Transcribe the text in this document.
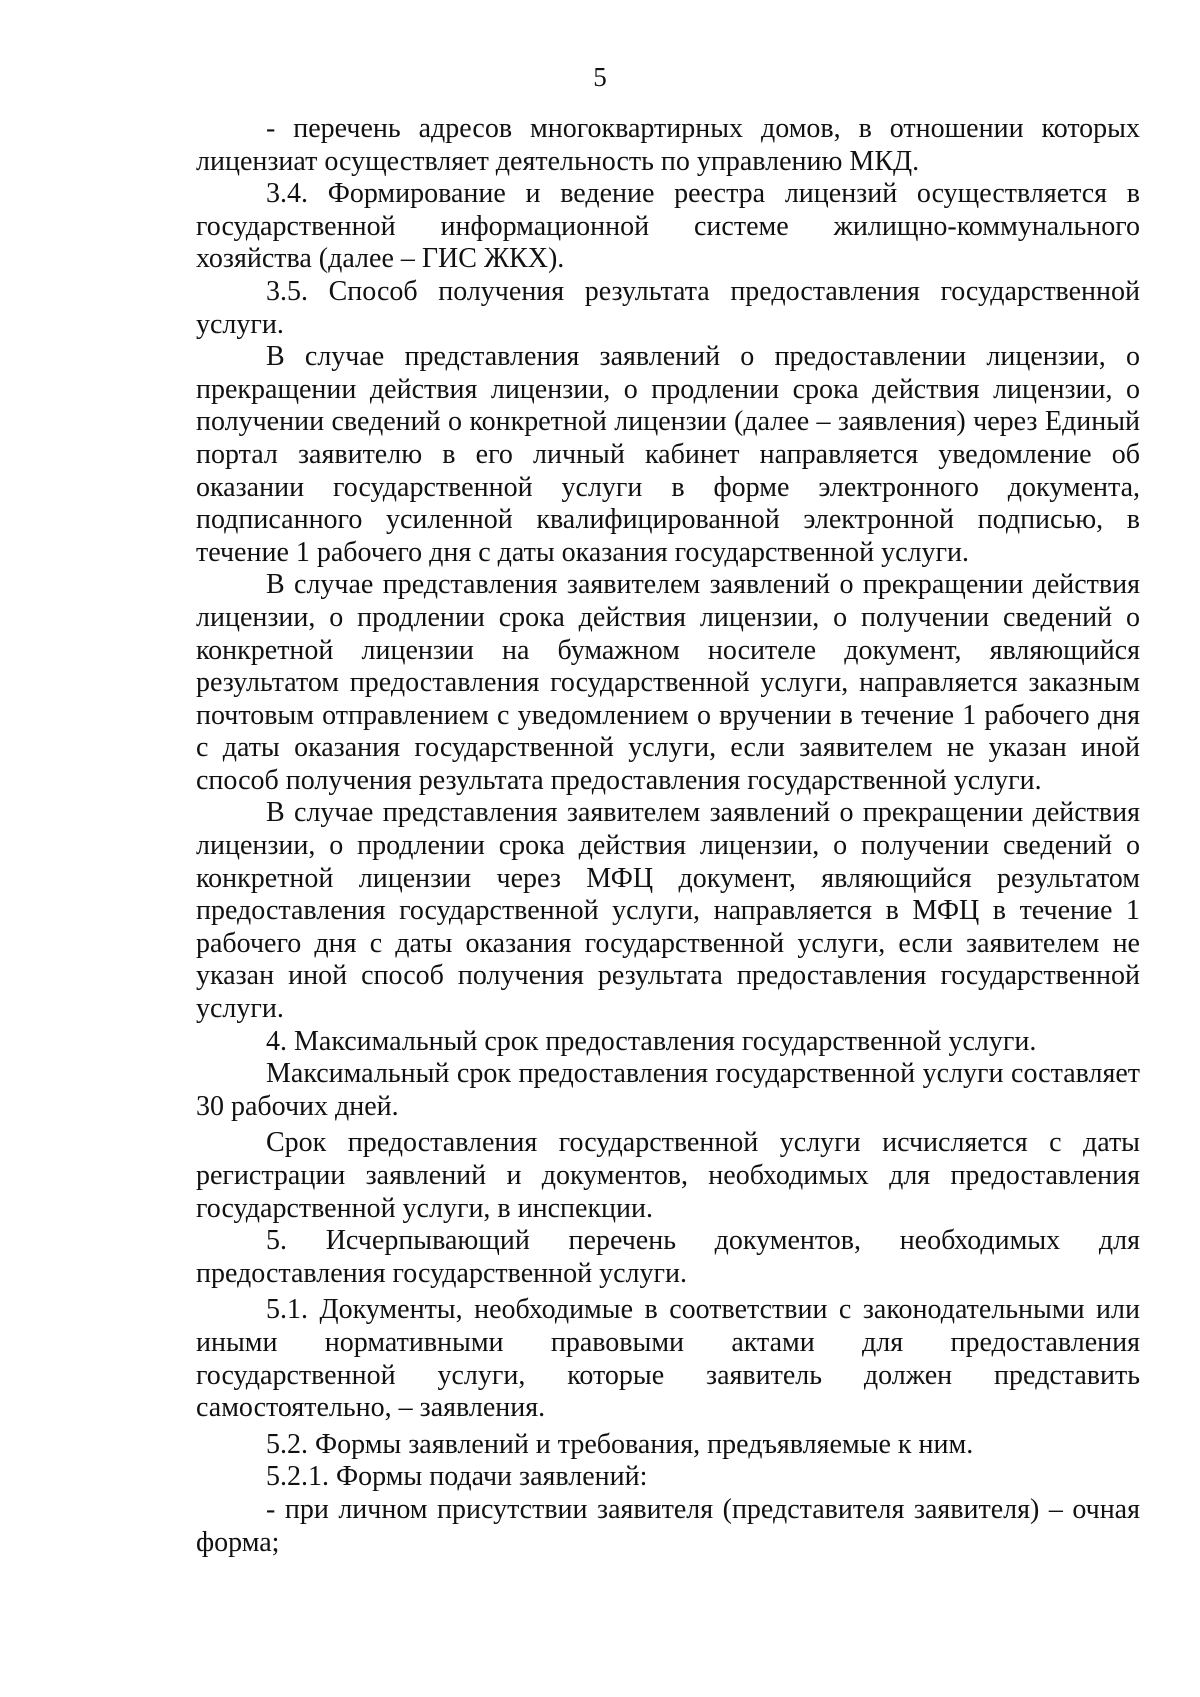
5

- перечень адресов многоквартирных домов, в отношении которых лицензиат осуществляет деятельность по управлению МКД.

3.4. Формирование и ведение реестра лицензий осуществляется в государственной информационной системе жилищно-коммунального хозяйства (далее – ГИС ЖКХ).

3.5. Способ получения результата предоставления государственной услуги.

В случае представления заявлений о предоставлении лицензии, о прекращении действия лицензии, о продлении срока действия лицензии, о получении сведений о конкретной лицензии (далее – заявления) через Единый портал заявителю в его личный кабинет направляется уведомление об оказании государственной услуги в форме электронного документа, подписанного усиленной квалифицированной электронной подписью, в течение 1 рабочего дня с даты оказания государственной услуги.

В случае представления заявителем заявлений о прекращении действия лицензии, о продлении срока действия лицензии, о получении сведений о конкретной лицензии на бумажном носителе документ, являющийся результатом предоставления государственной услуги, направляется заказным почтовым отправлением с уведомлением о вручении в течение 1 рабочего дня с даты оказания государственной услуги, если заявителем не указан иной способ получения результата предоставления государственной услуги.

В случае представления заявителем заявлений о прекращении действия лицензии, о продлении срока действия лицензии, о получении сведений о конкретной лицензии через МФЦ документ, являющийся результатом предоставления государственной услуги, направляется в МФЦ в течение 1 рабочего дня с даты оказания государственной услуги, если заявителем не указан иной способ получения результата предоставления государственной услуги.

4. Максимальный срок предоставления государственной услуги.

Максимальный срок предоставления государственной услуги составляет 30 рабочих дней.

Срок предоставления государственной услуги исчисляется с даты регистрации заявлений и документов, необходимых для предоставления государственной услуги, в инспекции.

5. Исчерпывающий перечень документов, необходимых для предоставления государственной услуги.

5.1. Документы, необходимые в соответствии с законодательными или иными нормативными правовыми актами для предоставления государственной услуги, которые заявитель должен представить самостоятельно, – заявления.

5.2. Формы заявлений и требования, предъявляемые к ним.

5.2.1. Формы подачи заявлений:

- при личном присутствии заявителя (представителя заявителя) – очная форма;
